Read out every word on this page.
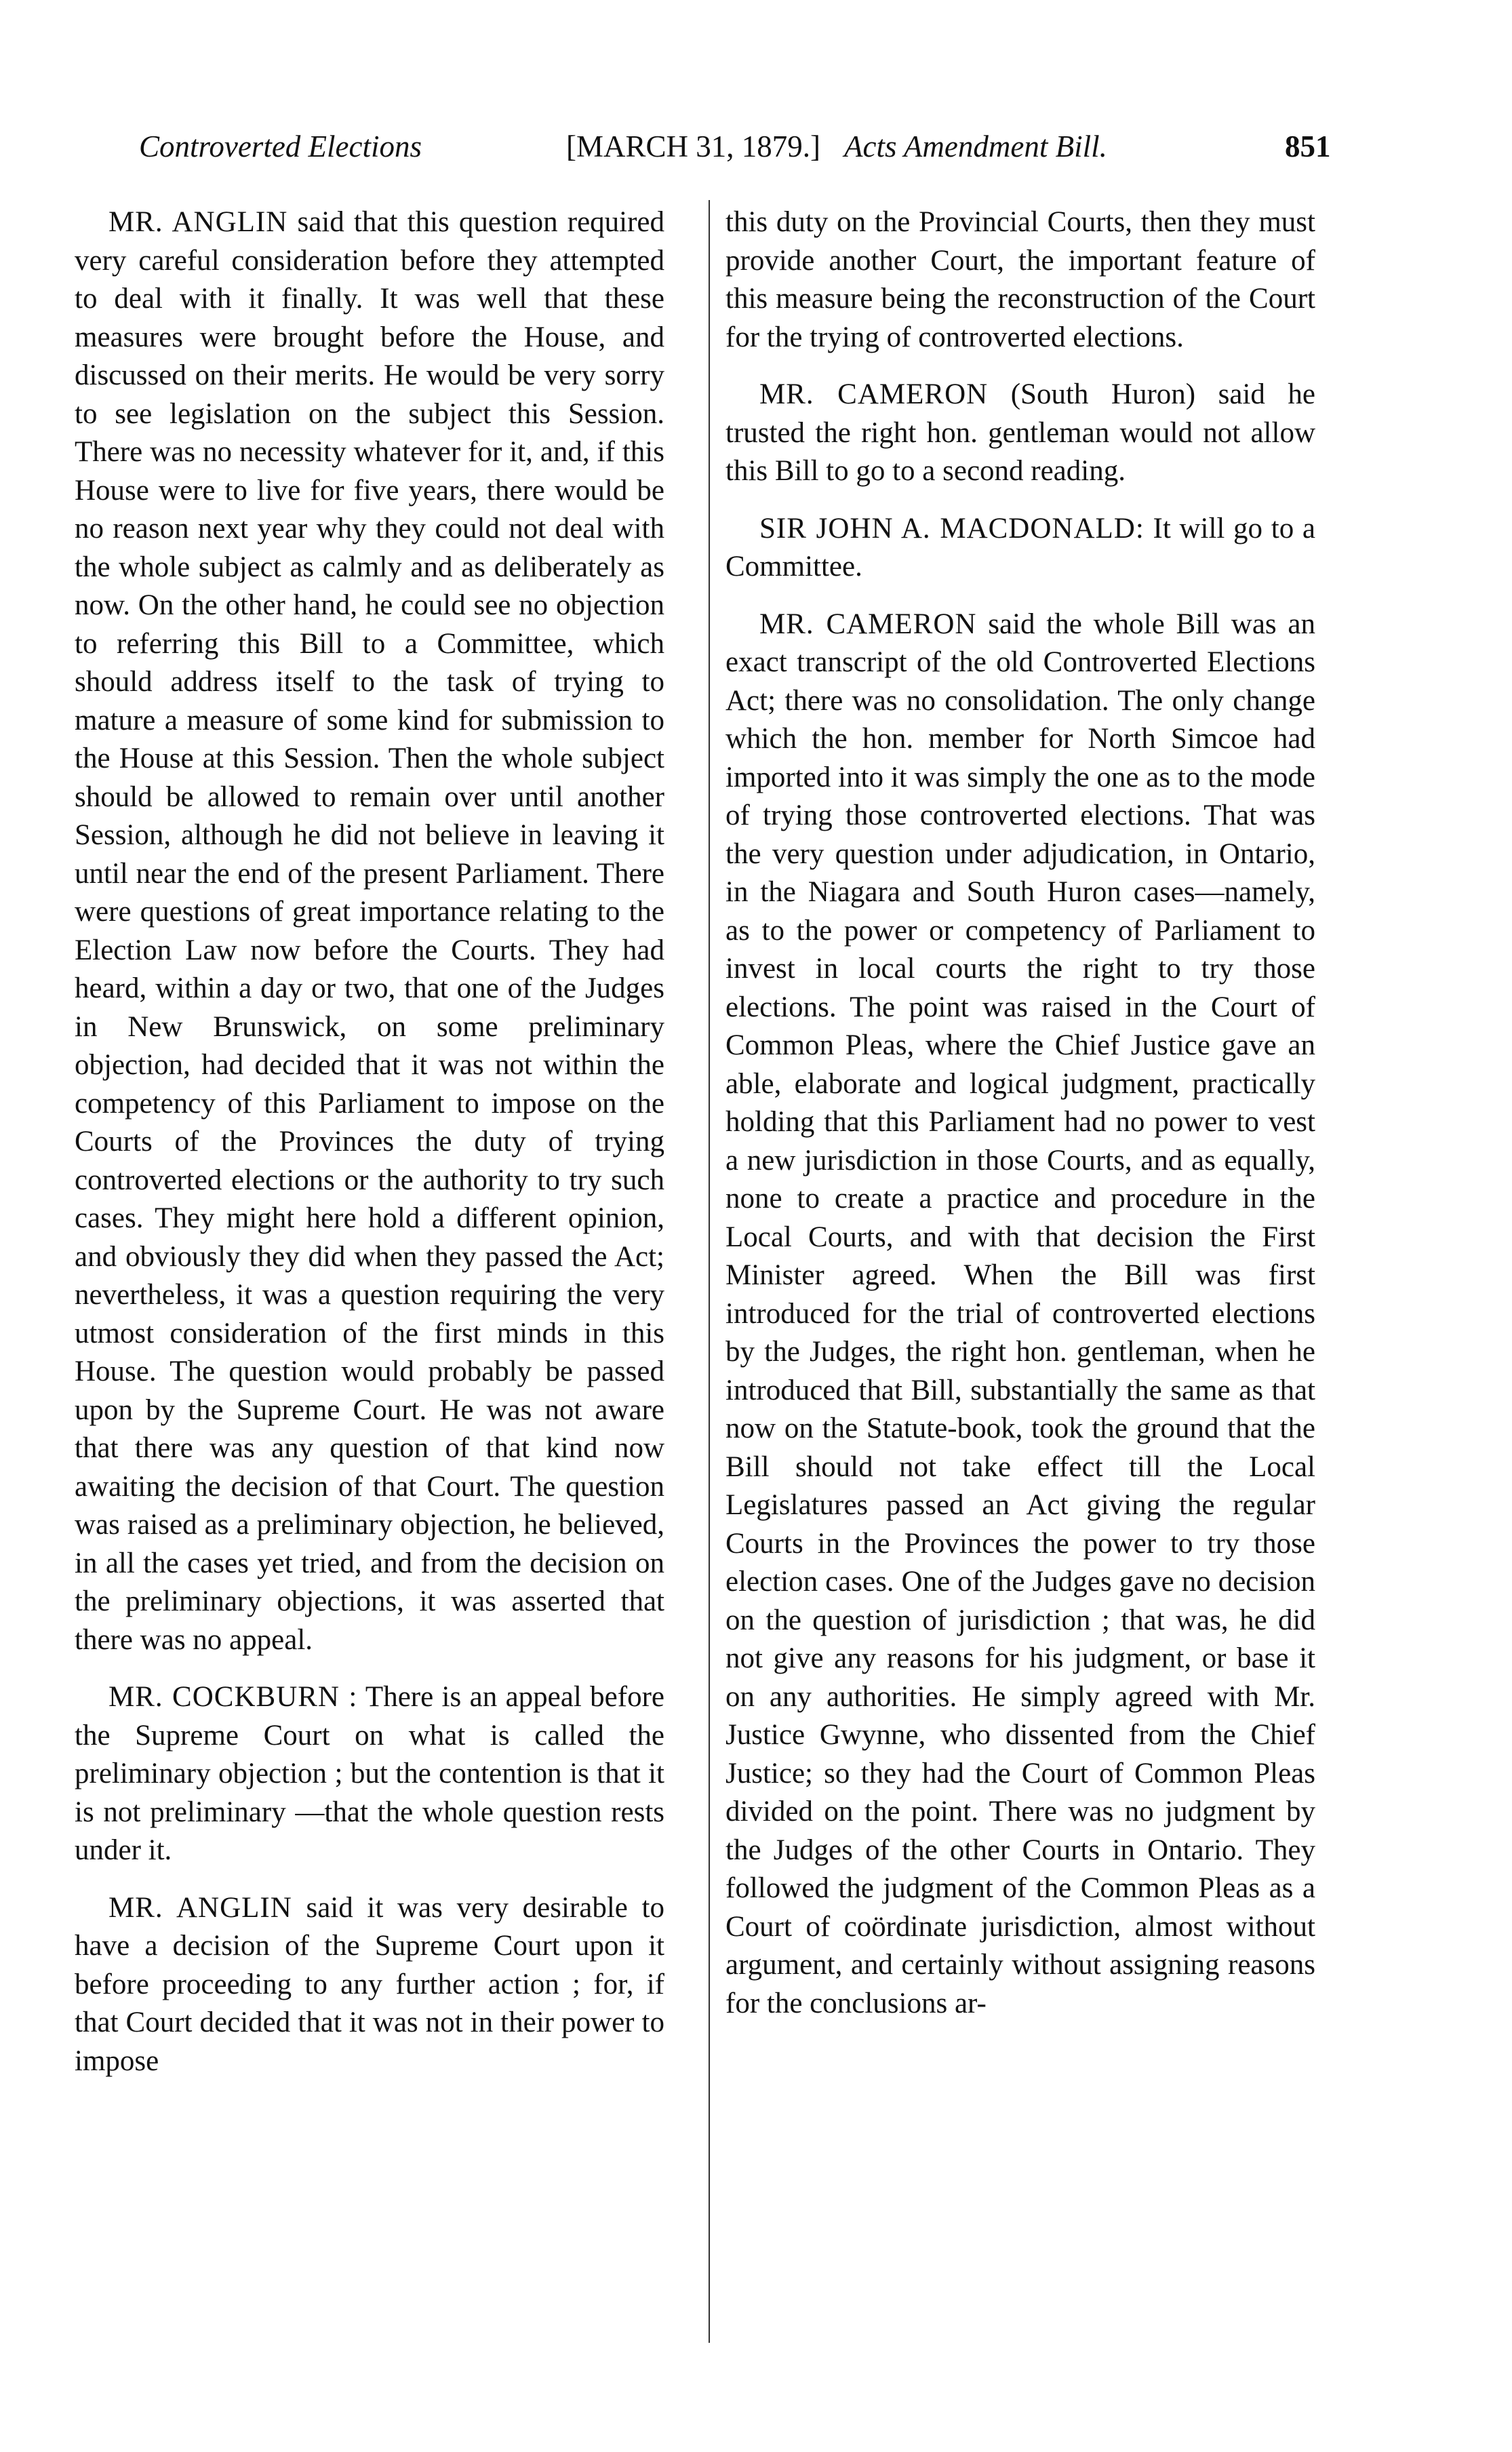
Controverted Elections	[MARCH 31, 1879.] Acts Amendment Bill.	851

MR. ANGLIN said that this question required very careful consideration before they attempted to deal with it finally. It was well that these measures were brought before the House, and discussed on their merits. He would be very sorry to see legislation on the subject this Session. There was no necessity whatever for it, and, if this House were to live for five years, there would be no reason next year why they could not deal with the whole subject as calmly and as deliberately as now. On the other hand, he could see no objection to referring this Bill to a Committee, which should address itself to the task of trying to mature a measure of some kind for submission to the House at this Session. Then the whole subject should be allowed to remain over until another Session, although he did not believe in leaving it until near the end of the present Parliament. There were questions of great importance relating to the Election Law now before the Courts. They had heard, within a day or two, that one of the Judges in New Brunswick, on some preliminary objection, had decided that it was not within the competency of this Parliament to impose on the Courts of the Provinces the duty of trying controverted elections or the authority to try such cases. They might here hold a different opinion, and obviously they did when they passed the Act; nevertheless, it was a question requiring the very utmost consideration of the first minds in this House. The question would probably be passed upon by the Supreme Court. He was not aware that there was any question of that kind now awaiting the decision of that Court. The question was raised as a preliminary objection, he believed, in all the cases yet tried, and from the decision on the preliminary objections, it was asserted that there was no appeal.

MR. COCKBURN : There is an appeal before the Supreme Court on what is called the preliminary objection ; but the contention is that it is not preliminary —that the whole question rests under it.

MR. ANGLIN said it was very desirable to have a decision of the Supreme Court upon it before proceeding to any further action ; for, if that Court decided that it was not in their power to impose

this duty on the Provincial Courts, then they must provide another Court, the important feature of this measure being the reconstruction of the Court for the trying of controverted elections.

MR. CAMERON (South Huron) said he trusted the right hon. gentleman would not allow this Bill to go to a second reading.

SIR JOHN A. MACDONALD: It will go to a Committee.

MR. CAMERON said the whole Bill was an exact transcript of the old Controverted Elections Act; there was no consolidation. The only change which the hon. member for North Simcoe had imported into it was simply the one as to the mode of trying those controverted elections. That was the very question under adjudication, in Ontario, in the Niagara and South Huron cases—namely, as to the power or competency of Parliament to invest in local courts the right to try those elections. The point was raised in the Court of Common Pleas, where the Chief Justice gave an able, elaborate and logical judgment, practically holding that this Parliament had no power to vest a new jurisdiction in those Courts, and as equally, none to create a practice and procedure in the Local Courts, and with that decision the First Minister agreed. When the Bill was first introduced for the trial of controverted elections by the Judges, the right hon. gentleman, when he introduced that Bill, substantially the same as that now on the Statute-book, took the ground that the Bill should not take effect till the Local Legislatures passed an Act giving the regular Courts in the Provinces the power to try those election cases. One of the Judges gave no decision on the question of jurisdiction ; that was, he did not give any reasons for his judgment, or base it on any authorities. He simply agreed with Mr. Justice Gwynne, who dissented from the Chief Justice; so they had the Court of Common Pleas divided on the point. There was no judgment by the Judges of the other Courts in Ontario. They followed the judgment of the Common Pleas as a Court of coördinate jurisdiction, almost without argument, and certainly without assigning reasons for the conclusions ar-
